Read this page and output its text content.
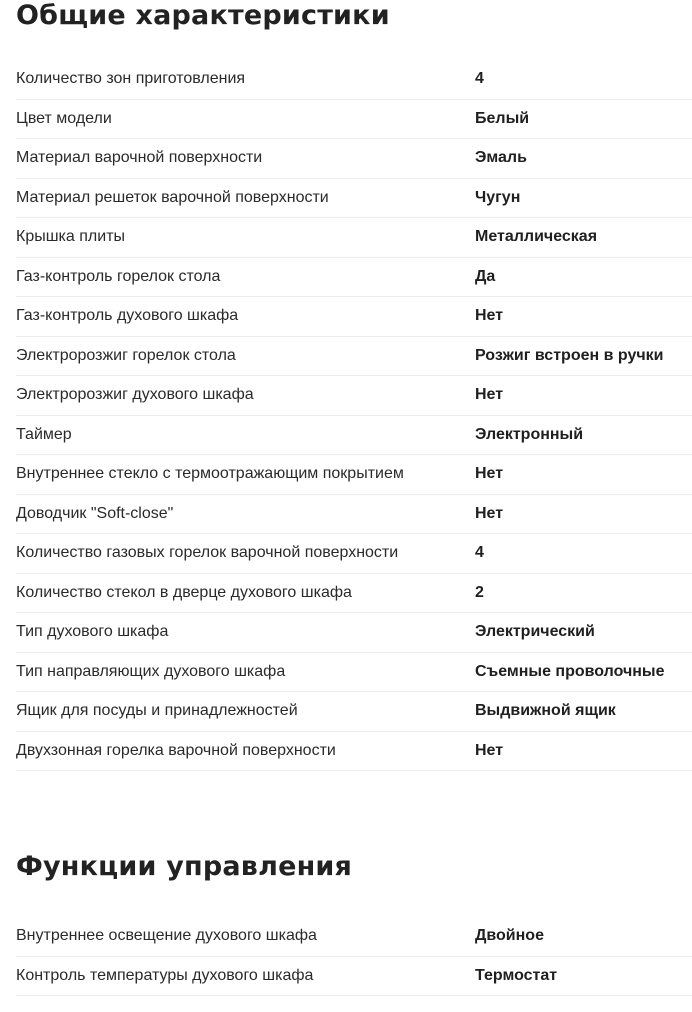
Общие характеристики
Количество зон приготовления	4
Цвет модели	Белый
Материал варочной поверхности	Эмаль
Материал решеток варочной поверхности	Чугун
Крышка плиты	Металлическая
Газ-контроль горелок стола	Да
Газ-контроль духового шкафа	Нет
Электророзжиг горелок стола	Розжиг встроен в ручки
Электророзжиг духового шкафа	Нет
Таймер	Электронный
Внутреннее стекло с термоотражающим покрытием	Нет
Доводчик "Soft-close"	Нет
Количество газовых горелок варочной поверхности	4
Количество стекол в дверце духового шкафа	2
Тип духового шкафа	Электрический
Тип направляющих духового шкафа	Съемные проволочные
Ящик для посуды и принадлежностей	Выдвижной ящик
Двухзонная горелка варочной поверхности	Нет
Функции управления
Внутреннее освещение духового шкафа	Двойное
Контроль температуры духового шкафа	Термостат
